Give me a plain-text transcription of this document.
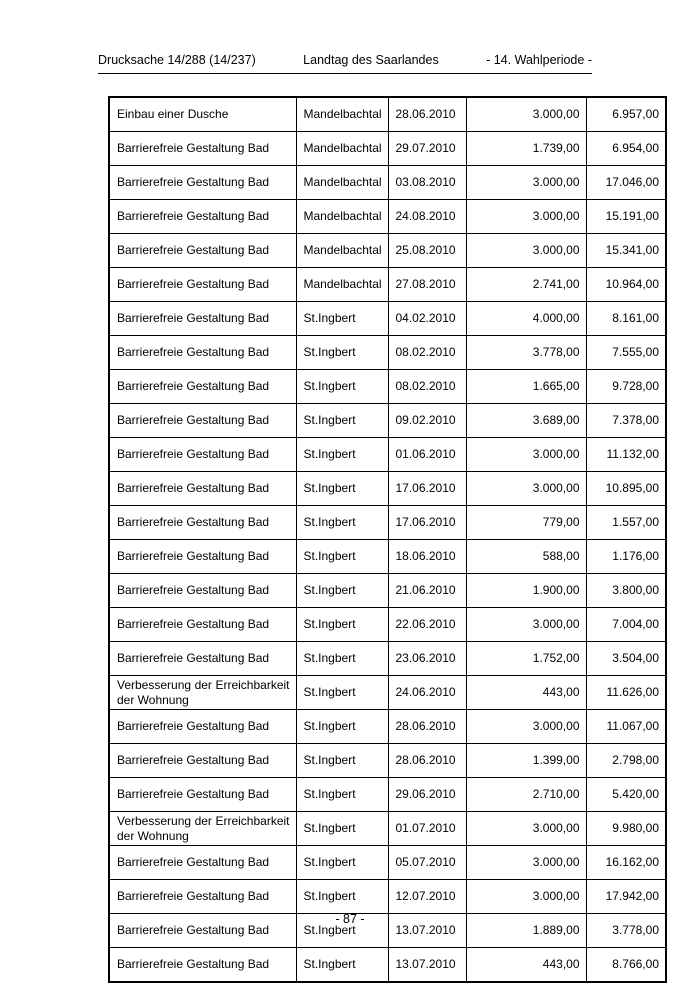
Drucksache 14/288 (14/237)	Landtag des Saarlandes	- 14. Wahlperiode -
Einbau einer Dusche	Mandelbachtal	28.06.2010	3.000,00	6.957,00
Barrierefreie Gestaltung Bad	Mandelbachtal	29.07.2010	1.739,00	6.954,00
Barrierefreie Gestaltung Bad	Mandelbachtal	03.08.2010	3.000,00	17.046,00
Barrierefreie Gestaltung Bad	Mandelbachtal	24.08.2010	3.000,00	15.191,00
Barrierefreie Gestaltung Bad	Mandelbachtal	25.08.2010	3.000,00	15.341,00
Barrierefreie Gestaltung Bad	Mandelbachtal	27.08.2010	2.741,00	10.964,00
Barrierefreie Gestaltung Bad	St.Ingbert	04.02.2010	4.000,00	8.161,00
Barrierefreie Gestaltung Bad	St.Ingbert	08.02.2010	3.778,00	7.555,00
Barrierefreie Gestaltung Bad	St.Ingbert	08.02.2010	1.665,00	9.728,00
Barrierefreie Gestaltung Bad	St.Ingbert	09.02.2010	3.689,00	7.378,00
Barrierefreie Gestaltung Bad	St.Ingbert	01.06.2010	3.000,00	11.132,00
Barrierefreie Gestaltung Bad	St.Ingbert	17.06.2010	3.000,00	10.895,00
Barrierefreie Gestaltung Bad	St.Ingbert	17.06.2010	779,00	1.557,00
Barrierefreie Gestaltung Bad	St.Ingbert	18.06.2010	588,00	1.176,00
Barrierefreie Gestaltung Bad	St.Ingbert	21.06.2010	1.900,00	3.800,00
Barrierefreie Gestaltung Bad	St.Ingbert	22.06.2010	3.000,00	7.004,00
Barrierefreie Gestaltung Bad	St.Ingbert	23.06.2010	1.752,00	3.504,00
Verbesserung der Erreichbarkeit der Wohnung	St.Ingbert	24.06.2010	443,00	11.626,00
Barrierefreie Gestaltung Bad	St.Ingbert	28.06.2010	3.000,00	11.067,00
Barrierefreie Gestaltung Bad	St.Ingbert	28.06.2010	1.399,00	2.798,00
Barrierefreie Gestaltung Bad	St.Ingbert	29.06.2010	2.710,00	5.420,00
Verbesserung der Erreichbarkeit der Wohnung	St.Ingbert	01.07.2010	3.000,00	9.980,00
Barrierefreie Gestaltung Bad	St.Ingbert	05.07.2010	3.000,00	16.162,00
Barrierefreie Gestaltung Bad	St.Ingbert	12.07.2010	3.000,00	17.942,00
Barrierefreie Gestaltung Bad	St.Ingbert	13.07.2010	1.889,00	3.778,00
Barrierefreie Gestaltung Bad	St.Ingbert	13.07.2010	443,00	8.766,00
- 87 -
